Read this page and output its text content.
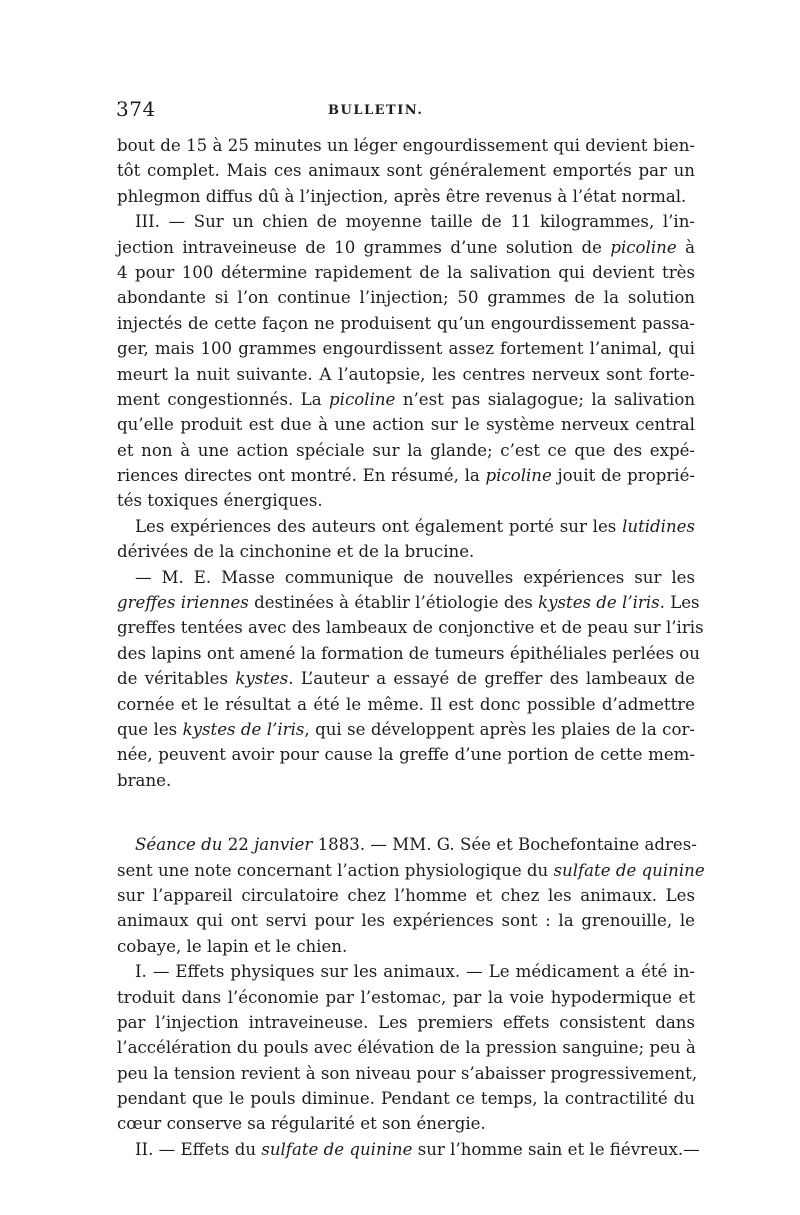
374	BULLETIN.
bout de 15 à 25 minutes un léger engourdissement qui devient bien-
tôt complet. Mais ces animaux sont généralement emportés par un
phlegmon diffus dû à l’injection, après être revenus à l’état normal.
III. — Sur un chien de moyenne taille de 11 kilogrammes, l’in-
jection intraveineuse de 10 grammes d’une solution de picoline à
4 pour 100 détermine rapidement de la salivation qui devient très
abondante si l’on continue l’injection; 50 grammes de la solution
injectés de cette façon ne produisent qu’un engourdissement passa-
ger, mais 100 grammes engourdissent assez fortement l’animal, qui
meurt la nuit suivante. A l’autopsie, les centres nerveux sont forte-
ment congestionnés. La picoline n’est pas sialagogue; la salivation
qu’elle produit est due à une action sur le système nerveux central
et non à une action spéciale sur la glande; c’est ce que des expé-
riences directes ont montré. En résumé, la picoline jouit de proprié-
tés toxiques énergiques.
Les expériences des auteurs ont également porté sur les lutidines
dérivées de la cinchonine et de la brucine.
— M. E. Masse communique de nouvelles expériences sur les
greffes iriennes destinées à établir l’étiologie des kystes de l’iris. Les
greffes tentées avec des lambeaux de conjonctive et de peau sur l’iris
des lapins ont amené la formation de tumeurs épithéliales perlées ou
de véritables kystes. L’auteur a essayé de greffer des lambeaux de
cornée et le résultat a été le même. Il est donc possible d’admettre
que les kystes de l’iris, qui se développent après les plaies de la cor-
née, peuvent avoir pour cause la greffe d’une portion de cette mem-
brane.
Séance du 22 janvier 1883. — MM. G. Sée et Bochefontaine adres-
sent une note concernant l’action physiologique du sulfate de quinine
sur l’appareil circulatoire chez l’homme et chez les animaux. Les
animaux qui ont servi pour les expériences sont : la grenouille, le
cobaye, le lapin et le chien.
I. — Effets physiques sur les animaux. — Le médicament a été in-
troduit dans l’économie par l’estomac, par la voie hypodermique et
par l’injection intraveineuse. Les premiers effets consistent dans
l’accélération du pouls avec élévation de la pression sanguine; peu à
peu la tension revient à son niveau pour s’abaisser progressivement,
pendant que le pouls diminue. Pendant ce temps, la contractilité du
cœur conserve sa régularité et son énergie.
II. — Effets du sulfate de quinine sur l’homme sain et le fiévreux.—
